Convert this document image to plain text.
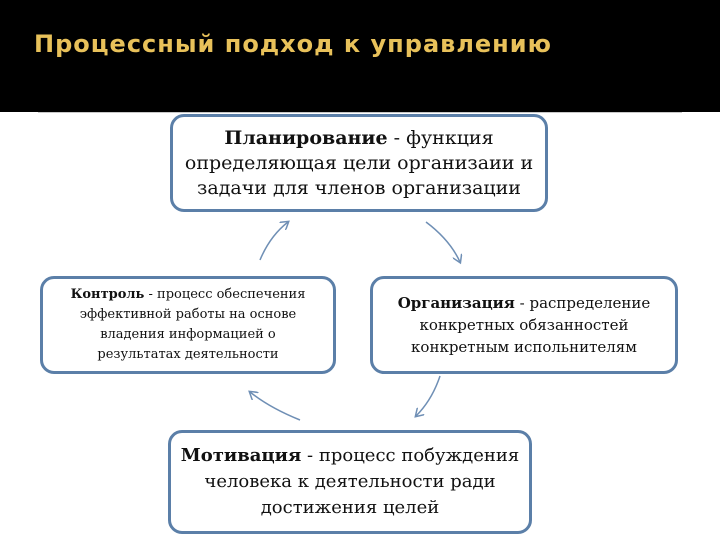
Процессный подход к управлению
Планирование - функция
определяющая цели организаии и
задачи для членов организации
Организация - распределение
конкретных обязанностей
конкретным испольнителям
Мотивация - процесс побуждения
человека к деятельности ради
достижения целей
Контроль - процесс обеспечения
эффективной работы на основе
владения информацией о
результатах деятельности
